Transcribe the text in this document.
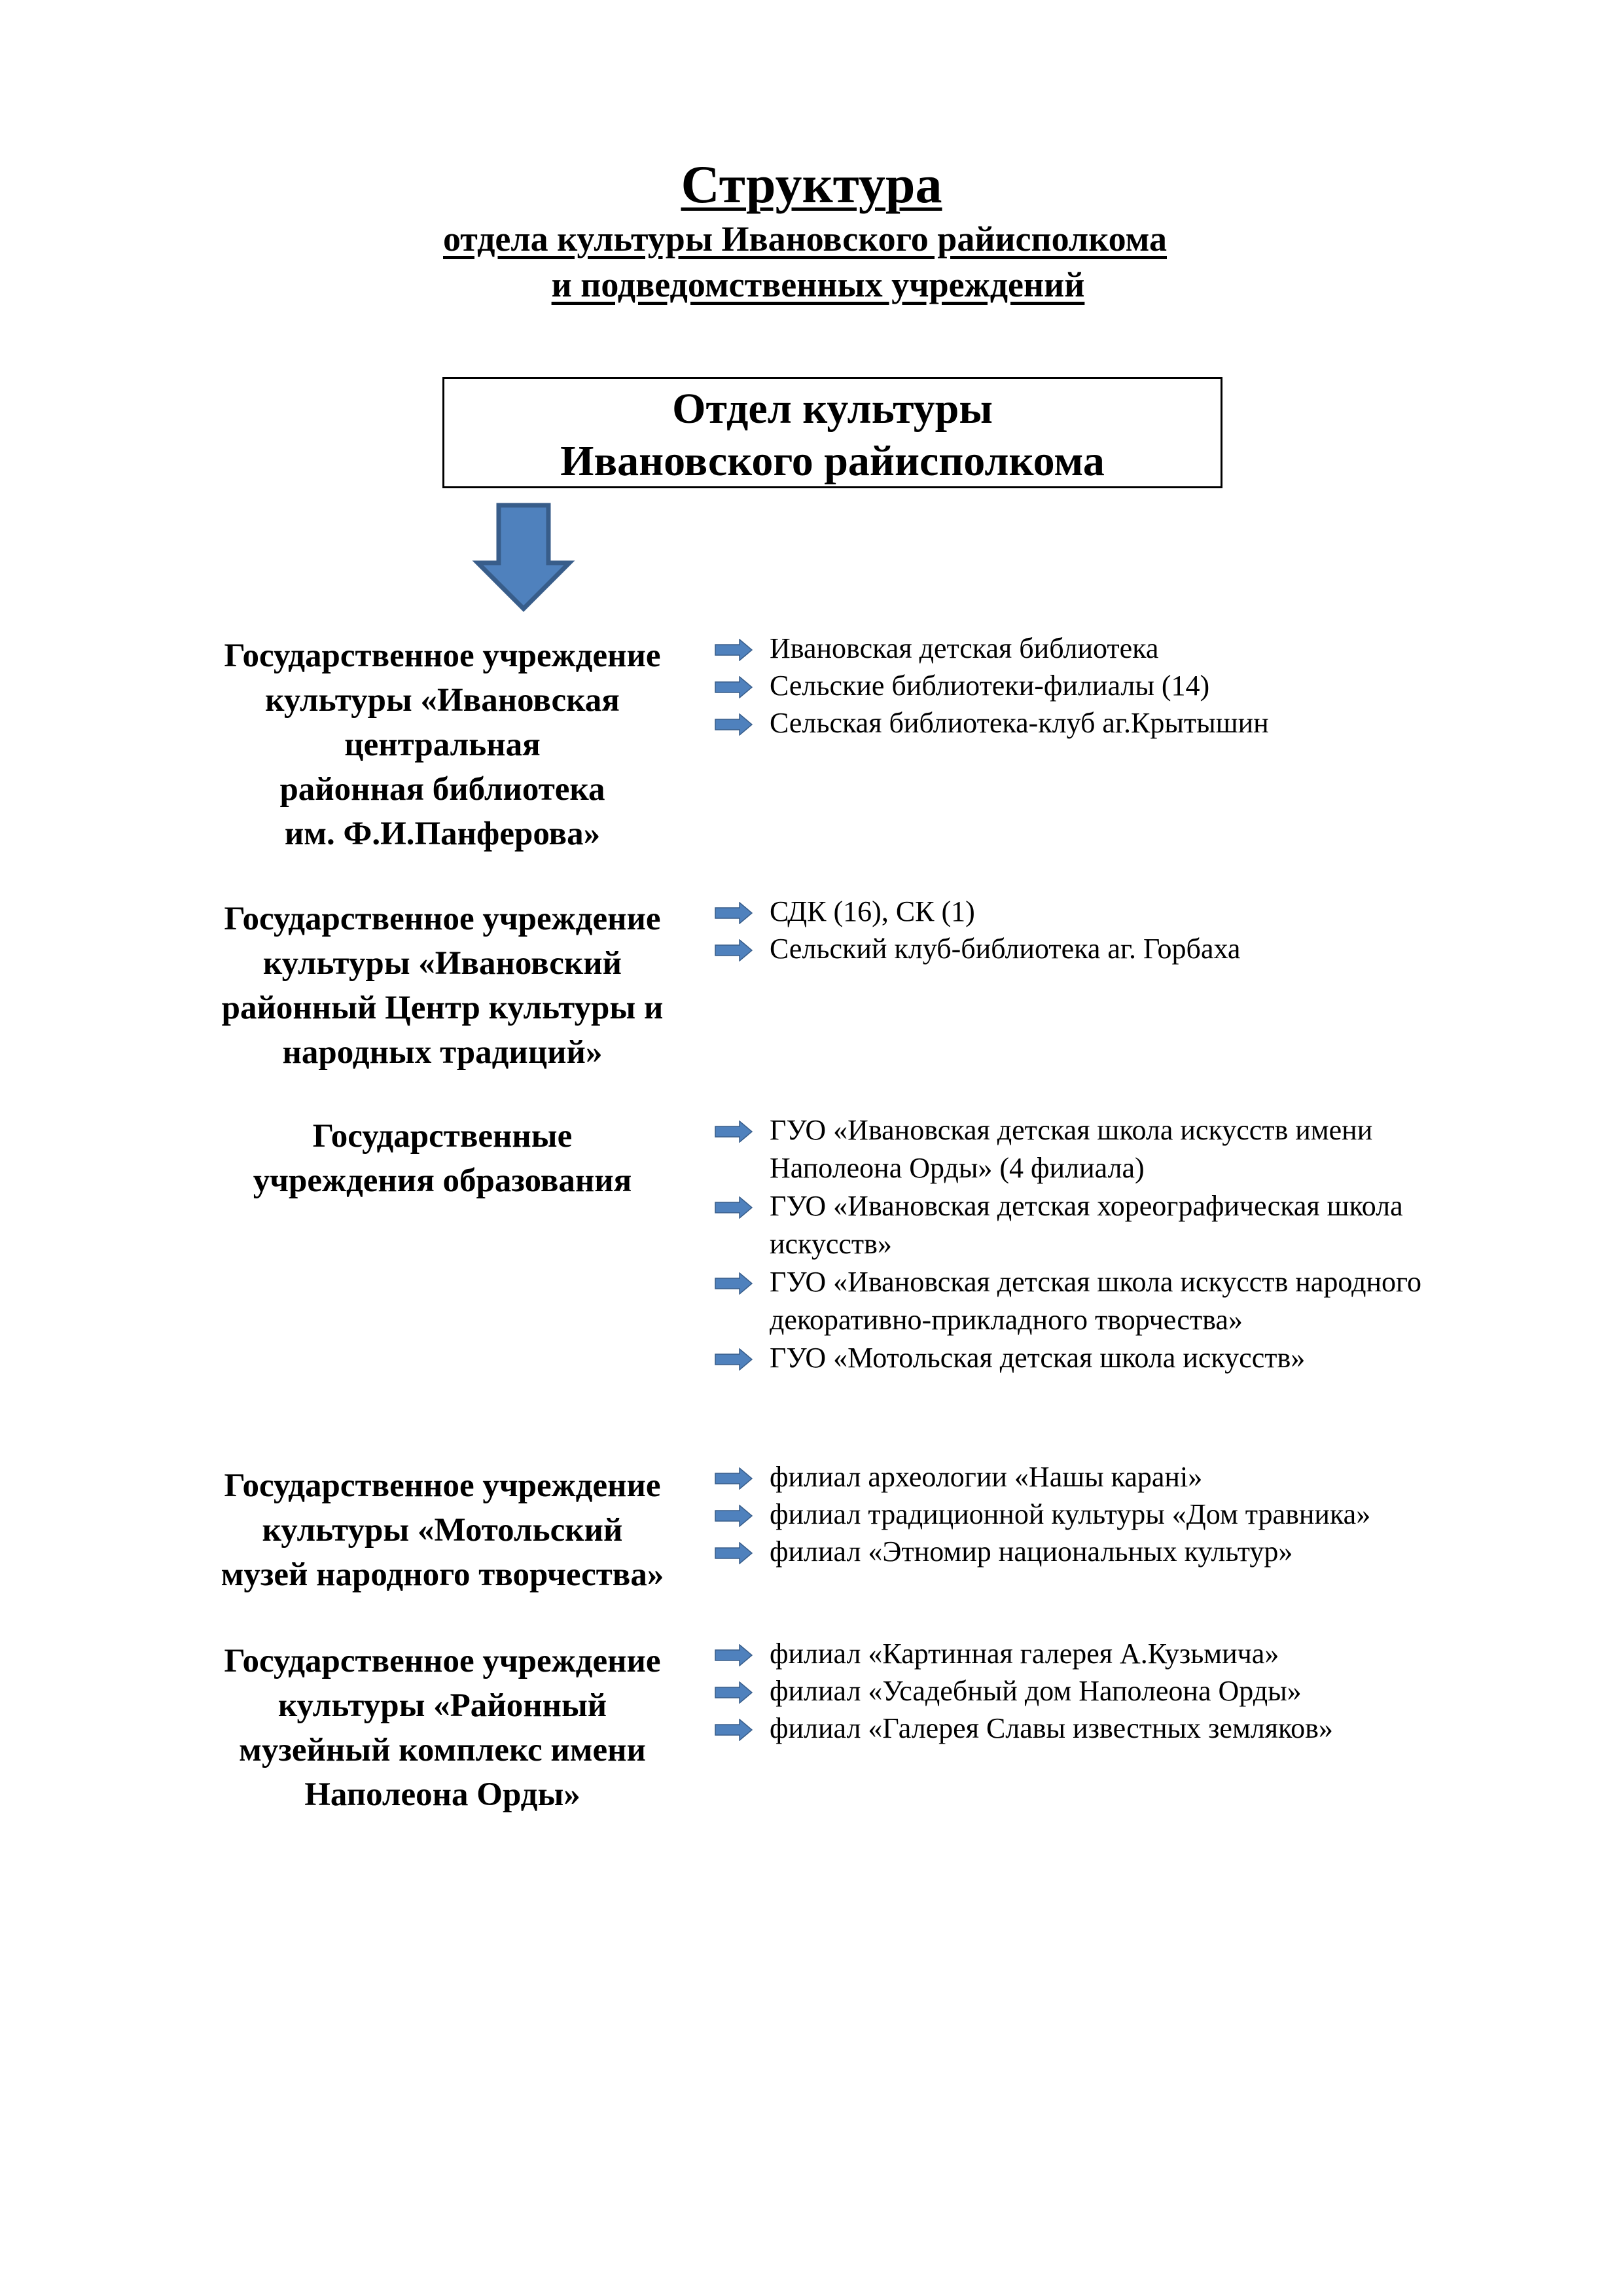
Структура
отдела культуры Ивановского райисполкома
и подведомственных учреждений
Отдел культуры
Ивановского райисполкома
Государственное учреждение
культуры «Ивановская
центральная
районная библиотека
им. Ф.И.Панферова»
Ивановская детская библиотека
Сельские библиотеки-филиалы (14)
Сельская библиотека-клуб аг.Крытышин
Государственное учреждение
культуры «Ивановский
районный Центр культуры и
народных традиций»
СДК (16), СК (1)
Сельский клуб-библиотека аг. Горбаха
Государственные
учреждения образования
ГУО «Ивановская детская школа искусств имени
Наполеона Орды» (4 филиала)
ГУО «Ивановская детская хореографическая школа
искусств»
ГУО «Ивановская детская школа искусств народного
декоративно-прикладного творчества»
ГУО «Мотольская детская школа искусств»
Государственное учреждение
культуры «Мотольский
музей народного творчества»
филиал археологии «Нашы каранi»
филиал традиционной культуры «Дом травника»
филиал «Этномир национальных культур»
Государственное учреждение
культуры «Районный
музейный комплекс имени
Наполеона Орды»
филиал «Картинная галерея А.Кузьмича»
филиал «Усадебный дом Наполеона Орды»
филиал «Галерея Славы известных земляков»
